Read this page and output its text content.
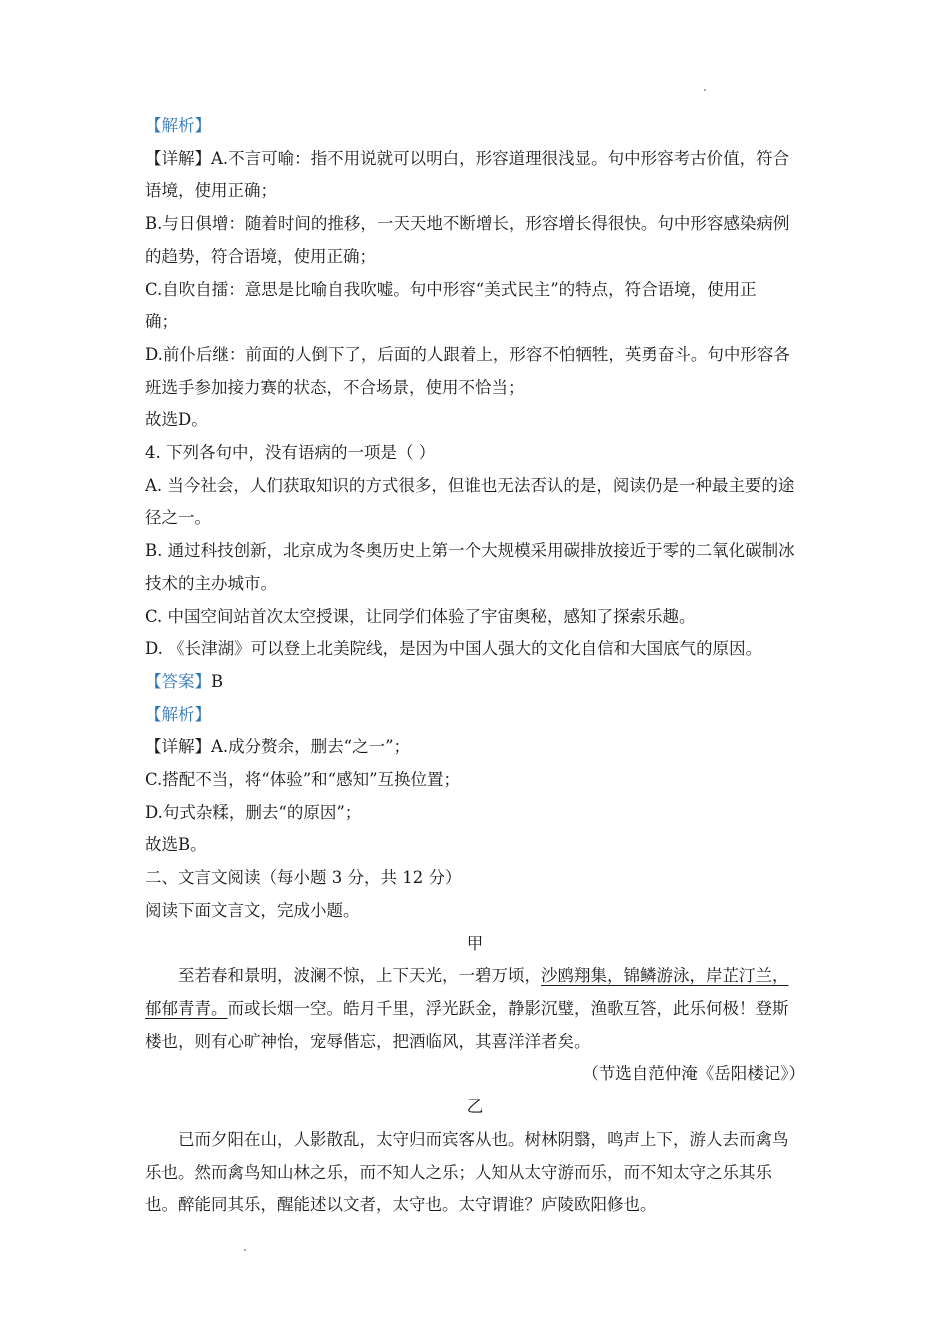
【解析】
【详解】A.不言可喻：指不用说就可以明白，形容道理很浅显。句中形容考古价值，符合
语境，使用正确；
B.与日俱增：随着时间的推移，一天天地不断增长，形容增长得很快。句中形容感染病例
的趋势，符合语境，使用正确；
C.自吹自擂：意思是比喻自我吹嘘。句中形容“美式民主”的特点，符合语境，使用正
确；
D.前仆后继：前面的人倒下了，后面的人跟着上，形容不怕牺牲，英勇奋斗。句中形容各
班选手参加接力赛的状态，不合场景，使用不恰当；
故选D。
4. 下列各句中，没有语病的一项是（ ）
A. 当今社会，人们获取知识的方式很多，但谁也无法否认的是，阅读仍是一种最主要的途
径之一。
B. 通过科技创新，北京成为冬奥历史上第一个大规模采用碳排放接近于零的二氧化碳制冰
技术的主办城市。
C. 中国空间站首次太空授课，让同学们体验了宇宙奥秘，感知了探索乐趣。
D. 《长津湖》可以登上北美院线，是因为中国人强大的文化自信和大国底气的原因。
【答案】B
【解析】
【详解】A.成分赘余，删去“之一”；
C.搭配不当，将“体验”和“感知”互换位置；
D.句式杂糅，删去“的原因”；
故选B。
二、文言文阅读（每小题 3 分，共 12 分）
阅读下面文言文，完成小题。
甲
至若春和景明，波澜不惊，上下天光，一碧万顷，沙鸥翔集，锦鳞游泳，岸芷汀兰，
郁郁青青。而或长烟一空。皓月千里，浮光跃金，静影沉璧，渔歌互答，此乐何极！登斯
楼也，则有心旷神怡，宠辱偕忘，把酒临风，其喜洋洋者矣。
（节选自范仲淹《岳阳楼记》）
乙
已而夕阳在山，人影散乱，太守归而宾客从也。树林阴翳，鸣声上下，游人去而禽鸟
乐也。然而禽鸟知山林之乐，而不知人之乐；人知从太守游而乐，而不知太守之乐其乐
也。醉能同其乐，醒能述以文者，太守也。太守谓谁？庐陵欧阳修也。
